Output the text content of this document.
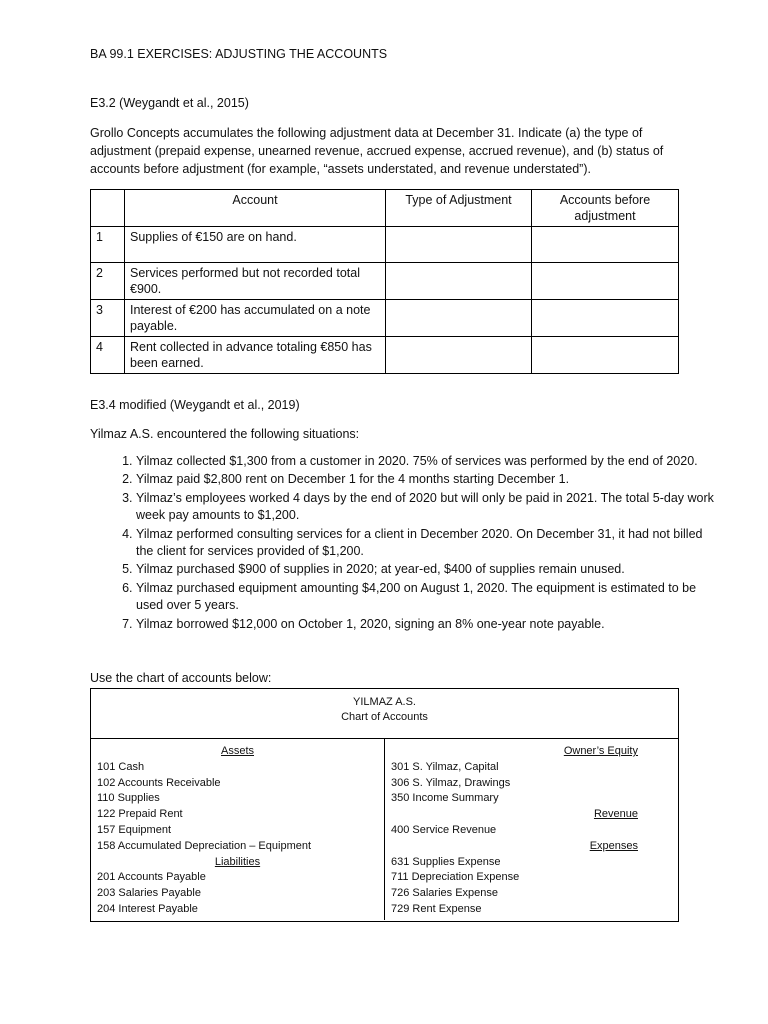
BA 99.1 EXERCISES: ADJUSTING THE ACCOUNTS
E3.2 (Weygandt et al., 2015)
Grollo Concepts accumulates the following adjustment data at December 31. Indicate (a) the type of
adjustment (prepaid expense, unearned revenue, accrued expense, accrued revenue), and (b) status of
accounts before adjustment (for example, “assets understated, and revenue understated”).
	Account	Type of Adjustment	Accounts before adjustment
1	Supplies of €150 are on hand.		
2	Services performed but not recorded total €900.		
3	Interest of €200 has accumulated on a note payable.		
4	Rent collected in advance totaling €850 has been earned.		
E3.4 modified (Weygandt et al., 2019)
Yilmaz A.S. encountered the following situations:
1. Yilmaz collected $1,300 from a customer in 2020. 75% of services was performed by the end of 2020.
2. Yilmaz paid $2,800 rent on December 1 for the 4 months starting December 1.
3. Yilmaz’s employees worked 4 days by the end of 2020 but will only be paid in 2021. The total 5-day work week pay amounts to $1,200.
4. Yilmaz performed consulting services for a client in December 2020. On December 31, it had not billed the client for services provided of $1,200.
5. Yilmaz purchased $900 of supplies in 2020; at year-ed, $400 of supplies remain unused.
6. Yilmaz purchased equipment amounting $4,200 on August 1, 2020. The equipment is estimated to be used over 5 years.
7. Yilmaz borrowed $12,000 on October 1, 2020, signing an 8% one-year note payable.
Use the chart of accounts below:
YILMAZ A.S.
Chart of Accounts
Assets
101 Cash
102 Accounts Receivable
110 Supplies
122 Prepaid Rent
157 Equipment
158 Accumulated Depreciation – Equipment
Liabilities
201 Accounts Payable
203 Salaries Payable
204 Interest Payable
Owner’s Equity
301 S. Yilmaz, Capital
306 S. Yilmaz, Drawings
350 Income Summary
Revenue
400 Service Revenue
Expenses
631 Supplies Expense
711 Depreciation Expense
726 Salaries Expense
729 Rent Expense
